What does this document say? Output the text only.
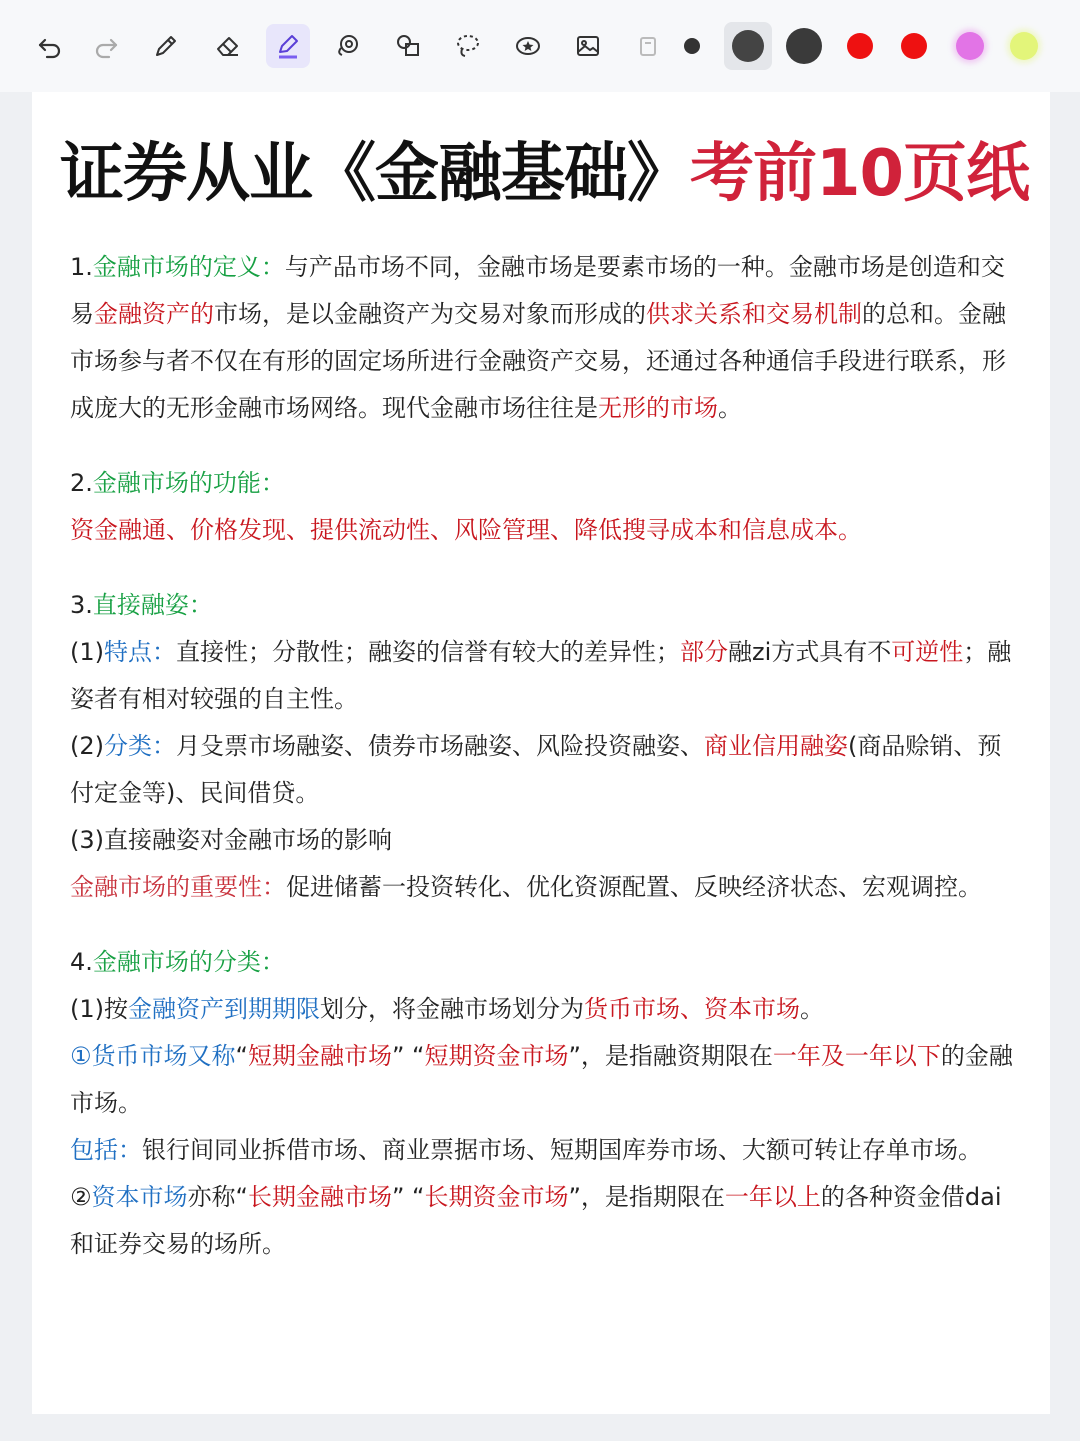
证券从业《金融基础》考前10页纸

1.金融市场的定义：与产品市场不同，金融市场是要素市场的一种。金融市场是创造和交易金融资产的市场，是以金融资产为交易对象而形成的供求关系和交易机制的总和。金融市场参与者不仅在有形的固定场所进行金融资产交易，还通过各种通信手段进行联系，形成庞大的无形金融市场网络。现代金融市场往往是无形的市场。

2.金融市场的功能：

资金融通、价格发现、提供流动性、风险管理、降低搜寻成本和信息成本。

3.直接融姿：

(1)特点：直接性；分散性；融姿的信誉有较大的差异性；部分融zi方式具有不可逆性；融姿者有相对较强的自主性。

(2)分类：月殳票市场融姿、债券市场融姿、风险投资融姿、商业信用融姿(商品赊销、预付定金等)、民间借贷。

(3)直接融姿对金融市场的影响

金融市场的重要性：促进储蓄一投资转化、优化资源配置、反映经济状态、宏观调控。

4.金融市场的分类：

(1)按金融资产到期期限划分，将金融市场划分为货币市场、资本市场。

①货币市场又称“短期金融市场” “短期资金市场”，是指融资期限在一年及一年以下的金融市场。

包括：银行间同业拆借市场、商业票据市场、短期国库券市场、大额可转让存单市场。

②资本市场亦称“长期金融市场” “长期资金市场”，是指期限在一年以上的各种资金借dai和证券交易的场所。
